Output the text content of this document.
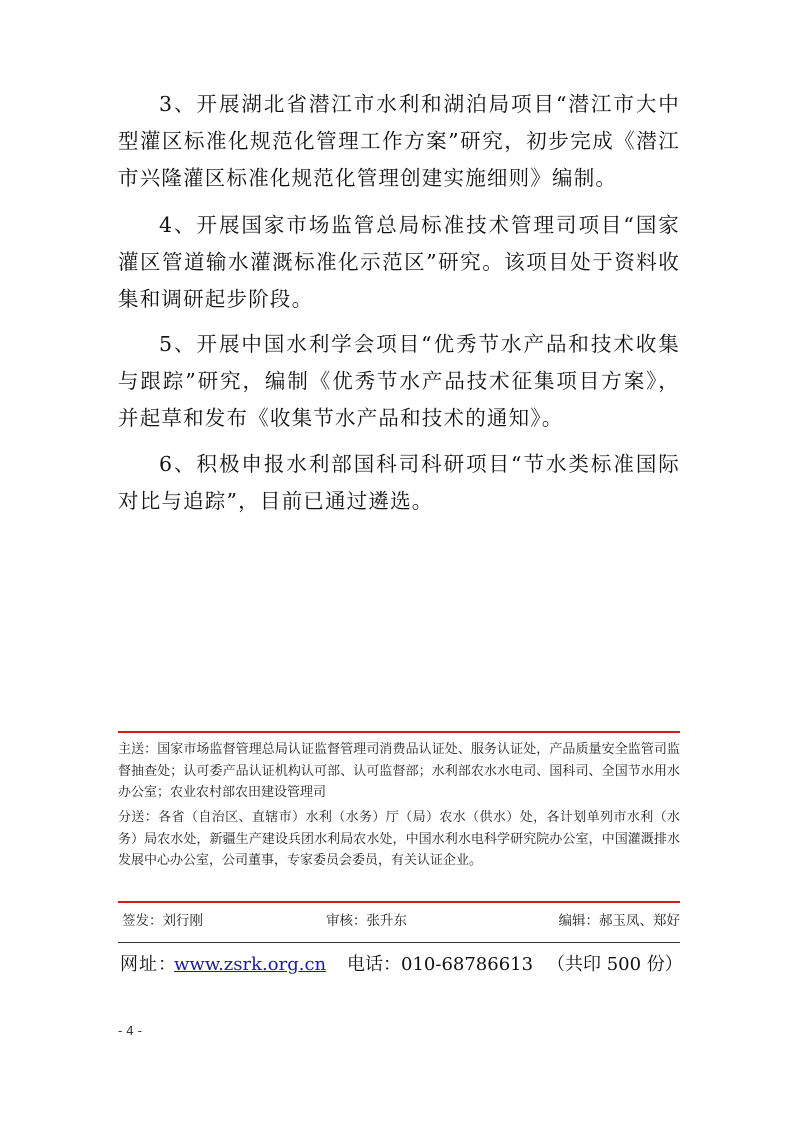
3、开展湖北省潜江市水利和湖泊局项目“潜江市大中型灌区标准化规范化管理工作方案”研究，初步完成《潜江市兴隆灌区标准化规范化管理创建实施细则》编制。

4、开展国家市场监管总局标准技术管理司项目“国家灌区管道输水灌溉标准化示范区”研究。该项目处于资料收集和调研起步阶段。

5、开展中国水利学会项目“优秀节水产品和技术收集与跟踪”研究，编制《优秀节水产品技术征集项目方案》，并起草和发布《收集节水产品和技术的通知》。

6、积极申报水利部国科司科研项目“节水类标准国际对比与追踪”，目前已通过遴选。

主送：国家市场监督管理总局认证监督管理司消费品认证处、服务认证处，产品质量安全监管司监督抽查处；认可委产品认证机构认可部、认可监督部；水利部农水水电司、国科司、全国节水用水办公室；农业农村部农田建设管理司

分送：各省（自治区、直辖市）水利（水务）厅（局）农水（供水）处，各计划单列市水利（水务）局农水处，新疆生产建设兵团水利局农水处，中国水利水电科学研究院办公室，中国灌溉排水发展中心办公室，公司董事，专家委员会委员，有关认证企业。

签发：刘行刚	审核：张升东	编辑：郝玉凤、郑好
网址：
www.zsrk.org.cn 电话：010-68786613 （共印 500 份）
- 4 -
